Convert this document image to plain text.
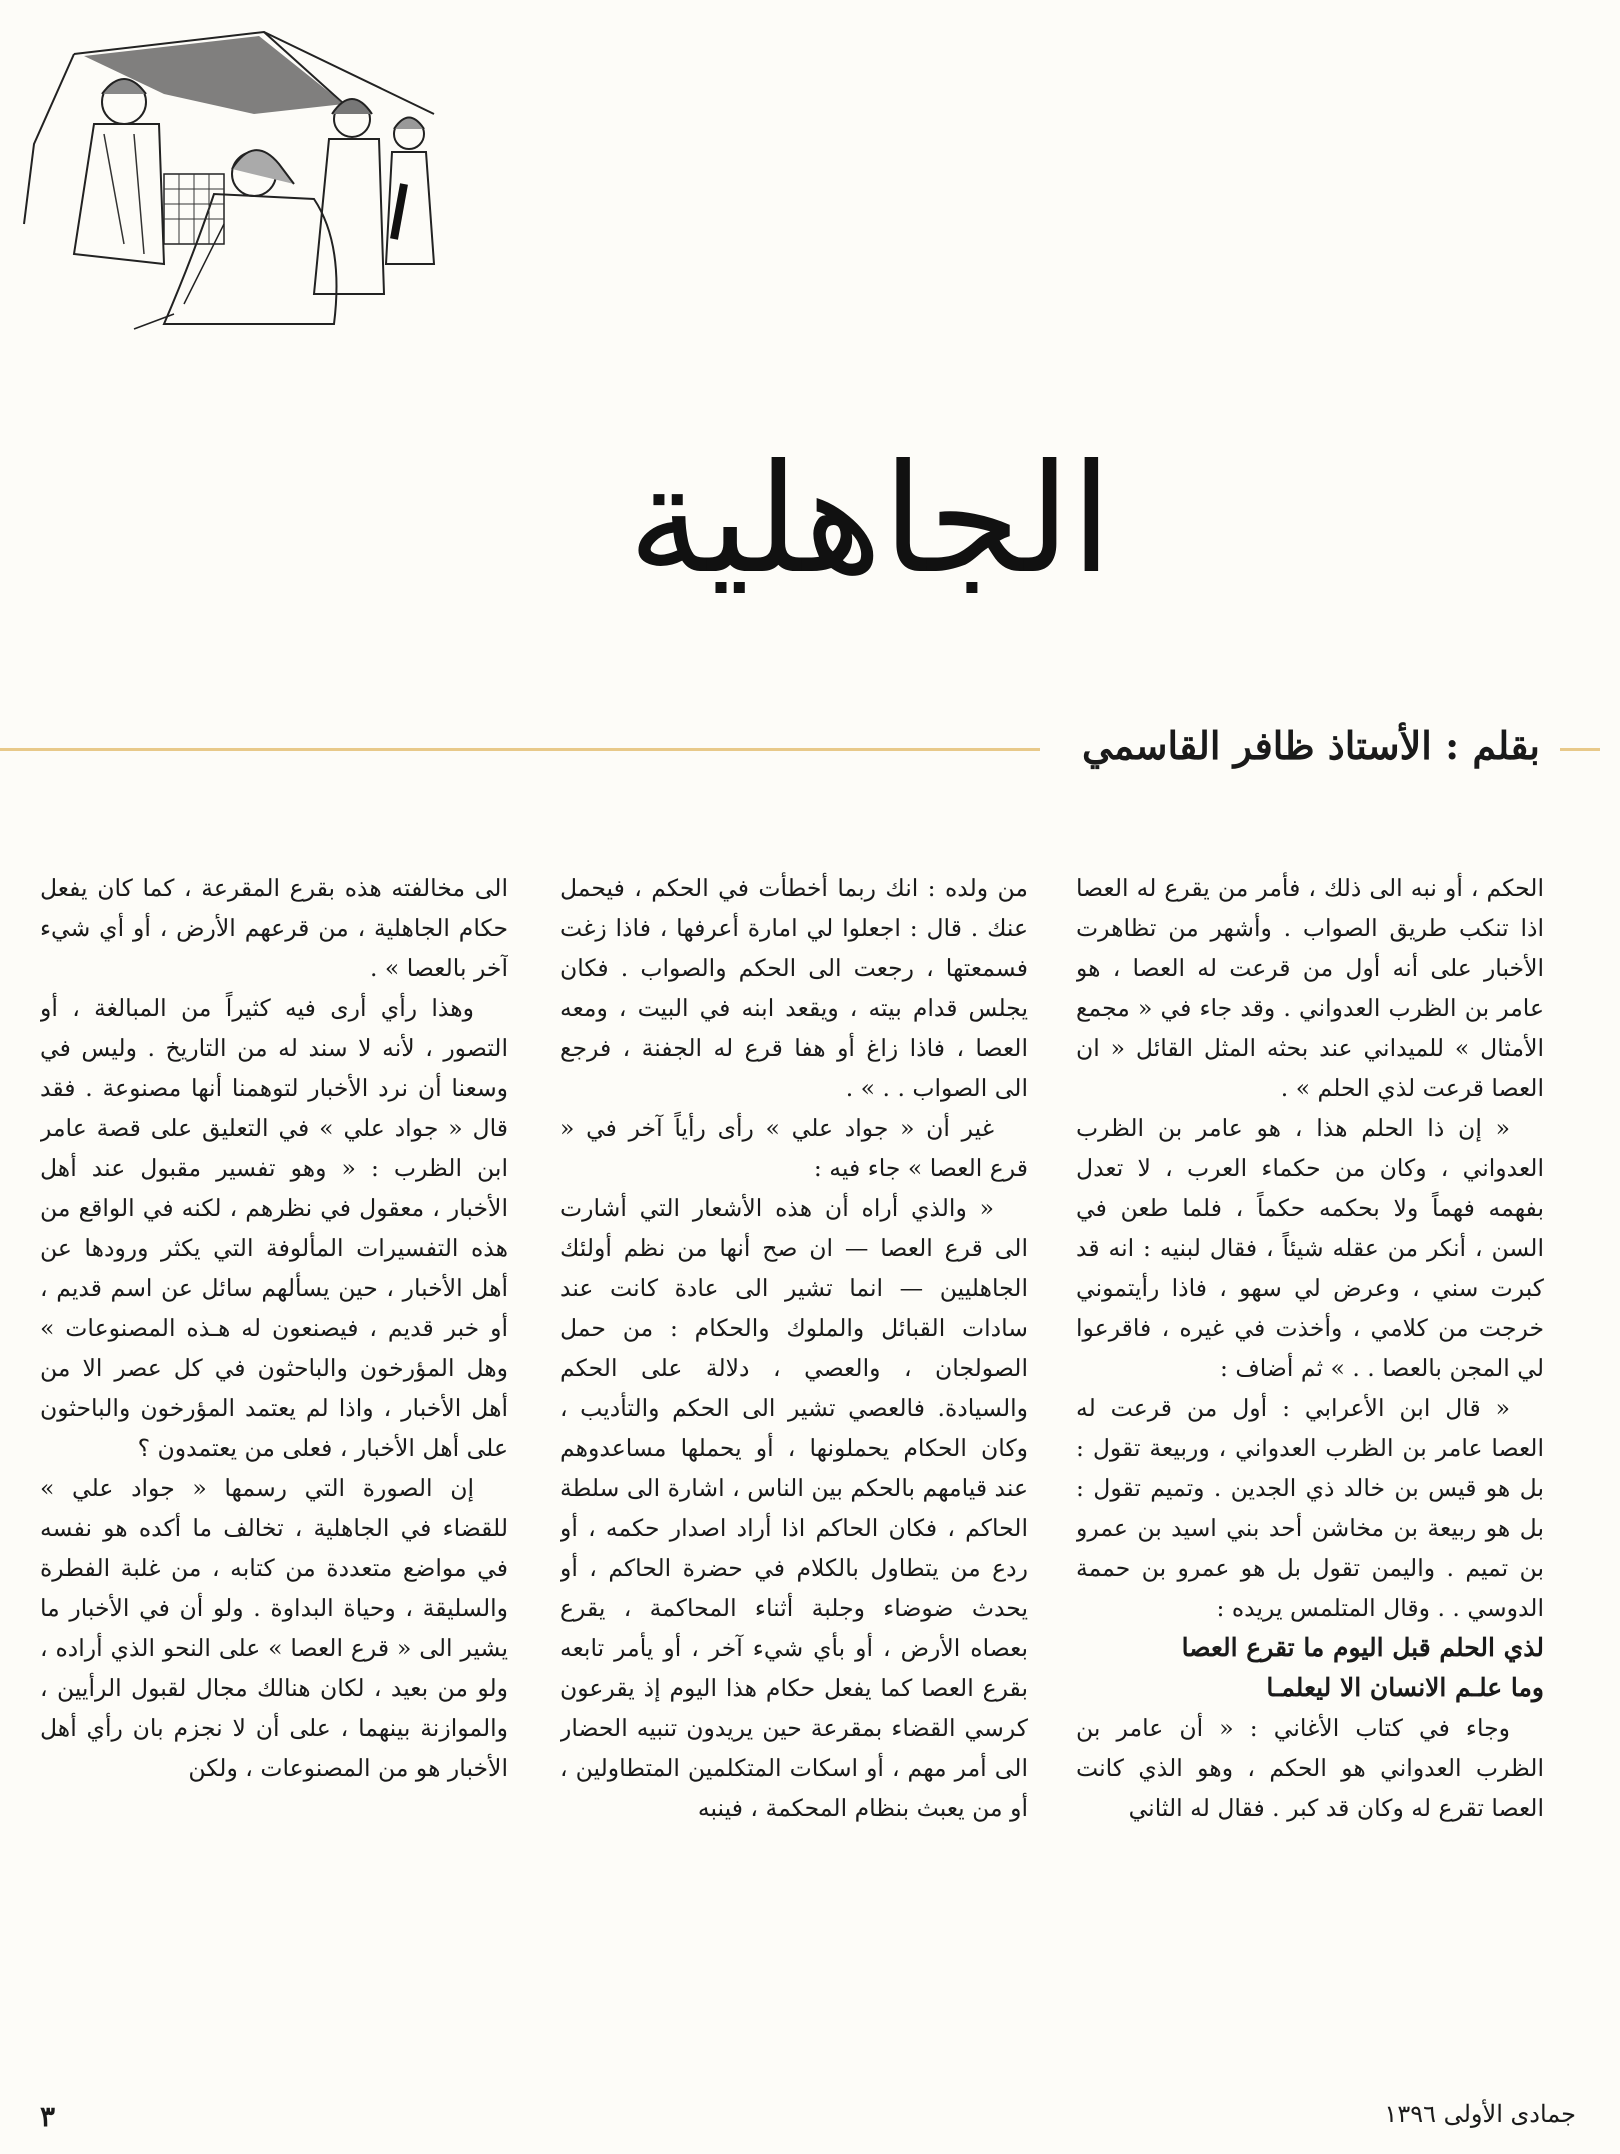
الجاهلية
بقلم : الأستاذ ظافر القاسمي

الحكم ، أو نبه الى ذلك ، فأمر من يقرع له العصا اذا تنكب طريق الصواب . وأشهر من تظاهرت الأخبار على أنه أول من قرعت له العصا ، هو عامر بن الظرب العدواني . وقد جاء في « مجمع الأمثال » للميداني عند بحثه المثل القائل « ان العصا قرعت لذي الحلم » .

« إن ذا الحلم هذا ، هو عامر بن الظرب العدواني ، وكان من حكماء العرب ، لا تعدل بفهمه فهماً ولا بحكمه حكماً ، فلما طعن في السن ، أنكر من عقله شيئاً ، فقال لبنيه : انه قد كبرت سني ، وعرض لي سهو ، فاذا رأيتموني خرجت من كلامي ، وأخذت في غيره ، فاقرعوا لي المجن بالعصا . . » ثم أضاف :

« قال ابن الأعرابي : أول من قرعت له العصا عامر بن الظرب العدواني ، وربيعة تقول : بل هو قيس بن خالد ذي الجدين . وتميم تقول : بل هو ربيعة بن مخاشن أحد بني اسيد بن عمرو بن تميم . واليمن تقول بل هو عمرو بن حممة الدوسي . . وقال المتلمس يريده :

لذي الحلم قبل اليوم ما تقرع العصا

وما علـم الانسان الا ليعلمـا

وجاء في كتاب الأغاني : « أن عامر بن الظرب العدواني هو الحكم ، وهو الذي كانت العصا تقرع له وكان قد كبر . فقال له الثاني

من ولده : انك ربما أخطأت في الحكم ، فيحمل عنك . قال : اجعلوا لي امارة أعرفها ، فاذا زغت فسمعتها ، رجعت الى الحكم والصواب . فكان يجلس قدام بيته ، ويقعد ابنه في البيت ، ومعه العصا ، فاذا زاغ أو هفا قرع له الجفنة ، فرجع الى الصواب . . » .

غير أن « جواد علي » رأى رأياً آخر في « قرع العصا » جاء فيه :

« والذي أراه أن هذه الأشعار التي أشارت الى قرع العصا — ان صح أنها من نظم أولئك الجاهليين — انما تشير الى عادة كانت عند سادات القبائل والملوك والحكام : من حمل الصولجان ، والعصي ، دلالة على الحكم والسيادة. فالعصي تشير الى الحكم والتأديب ، وكان الحكام يحملونها ، أو يحملها مساعدوهم عند قيامهم بالحكم بين الناس ، اشارة الى سلطة الحاكم ، فكان الحاكم اذا أراد اصدار حكمه ، أو ردع من يتطاول بالكلام في حضرة الحاكم ، أو يحدث ضوضاء وجلبة أثناء المحاكمة ، يقرع بعصاه الأرض ، أو بأي شيء آخر ، أو يأمر تابعه بقرع العصا كما يفعل حكام هذا اليوم إذ يقرعون كرسي القضاء بمقرعة حين يريدون تنبيه الحضار الى أمر مهم ، أو اسكات المتكلمين المتطاولين ، أو من يعبث بنظام المحكمة ، فينبه

الى مخالفته هذه بقرع المقرعة ، كما كان يفعل حكام الجاهلية ، من قرعهم الأرض ، أو أي شيء آخر بالعصا » .

وهذا رأي أرى فيه كثيراً من المبالغة ، أو التصور ، لأنه لا سند له من التاريخ . وليس في وسعنا أن نرد الأخبار لتوهمنا أنها مصنوعة . فقد قال « جواد علي » في التعليق على قصة عامر ابن الظرب : « وهو تفسير مقبول عند أهل الأخبار ، معقول في نظرهم ، لكنه في الواقع من هذه التفسيرات المألوفة التي يكثر ورودها عن أهل الأخبار ، حين يسألهم سائل عن اسم قديم ، أو خبر قديم ، فيصنعون له هـذه المصنوعات » وهل المؤرخون والباحثون في كل عصر الا من أهل الأخبار ، واذا لم يعتمد المؤرخون والباحثون على أهل الأخبار ، فعلى من يعتمدون ؟

إن الصورة التي رسمها « جواد علي » للقضاء في الجاهلية ، تخالف ما أكده هو نفسه في مواضع متعددة من كتابه ، من غلبة الفطرة والسليقة ، وحياة البداوة . ولو أن في الأخبار ما يشير الى « قرع العصا » على النحو الذي أراده ، ولو من بعيد ، لكان هنالك مجال لقبول الرأيين ، والموازنة بينهما ، على أن لا نجزم بان رأي أهل الأخبار هو من المصنوعات ، ولكن

جمادى الأولى ١٣٩٦
٣
